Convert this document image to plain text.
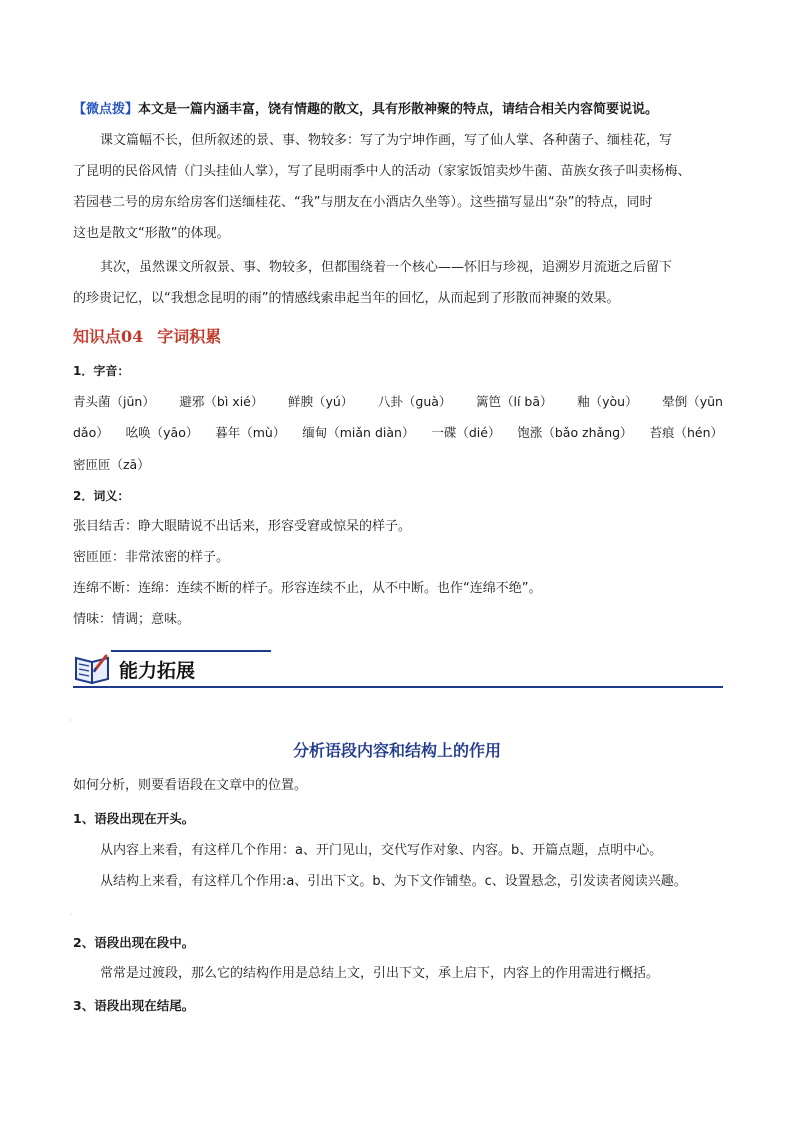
【微点拨】本文是一篇内涵丰富，饶有情趣的散文，具有形散神聚的特点，请结合相关内容简要说说。
课文篇幅不长，但所叙述的景、事、物较多：写了为宁坤作画，写了仙人掌、各种菌子、缅桂花，写
了昆明的民俗风情（门头挂仙人掌），写了昆明雨季中人的活动（家家饭馆卖炒牛菌、苗族女孩子叫卖杨梅、
若园巷二号的房东给房客们送缅桂花、“我”与朋友在小酒店久坐等）。这些描写显出“杂”的特点，同时
这也是散文“形散”的体现。
其次，虽然课文所叙景、事、物较多，但都围绕着一个核心——怀旧与珍视，追溯岁月流逝之后留下
的珍贵记忆，以“我想念昆明的雨”的情感线索串起当年的回忆，从而起到了形散而神聚的效果。
知识点04 字词积累
1．字音：
青头菌（jūn） 避邪（bì xié） 鲜腴（yú） 八卦（ɡuà） 篱笆（lí bā） 釉（yòu） 晕倒（yūn
dǎo） 吆唤（yāo） 暮年（mù） 缅甸（miǎn diàn） 一碟（dié） 饱涨（bǎo zhǎnɡ） 苔痕（hén）
密匝匝（zā）
2．词义：
张目结舌：睁大眼睛说不出话来，形容受窘或惊呆的样子。
密匝匝：非常浓密的样子。
连绵不断：连绵：连续不断的样子。形容连续不止，从不中断。也作“连绵不绝”。
情味：情调；意味。
能力拓展
·
分析语段内容和结构上的作用
如何分析，则要看语段在文章中的位置。
1、语段出现在开头。
从内容上来看，有这样几个作用：a、开门见山，交代写作对象、内容。b、开篇点题，点明中心。
从结构上来看，有这样几个作用:a、引出下文。b、为下文作铺垫。c、设置悬念，引发读者阅读兴趣。
·
2、语段出现在段中。
常常是过渡段，那么它的结构作用是总结上文，引出下文，承上启下，内容上的作用需进行概括。
3、语段出现在结尾。
